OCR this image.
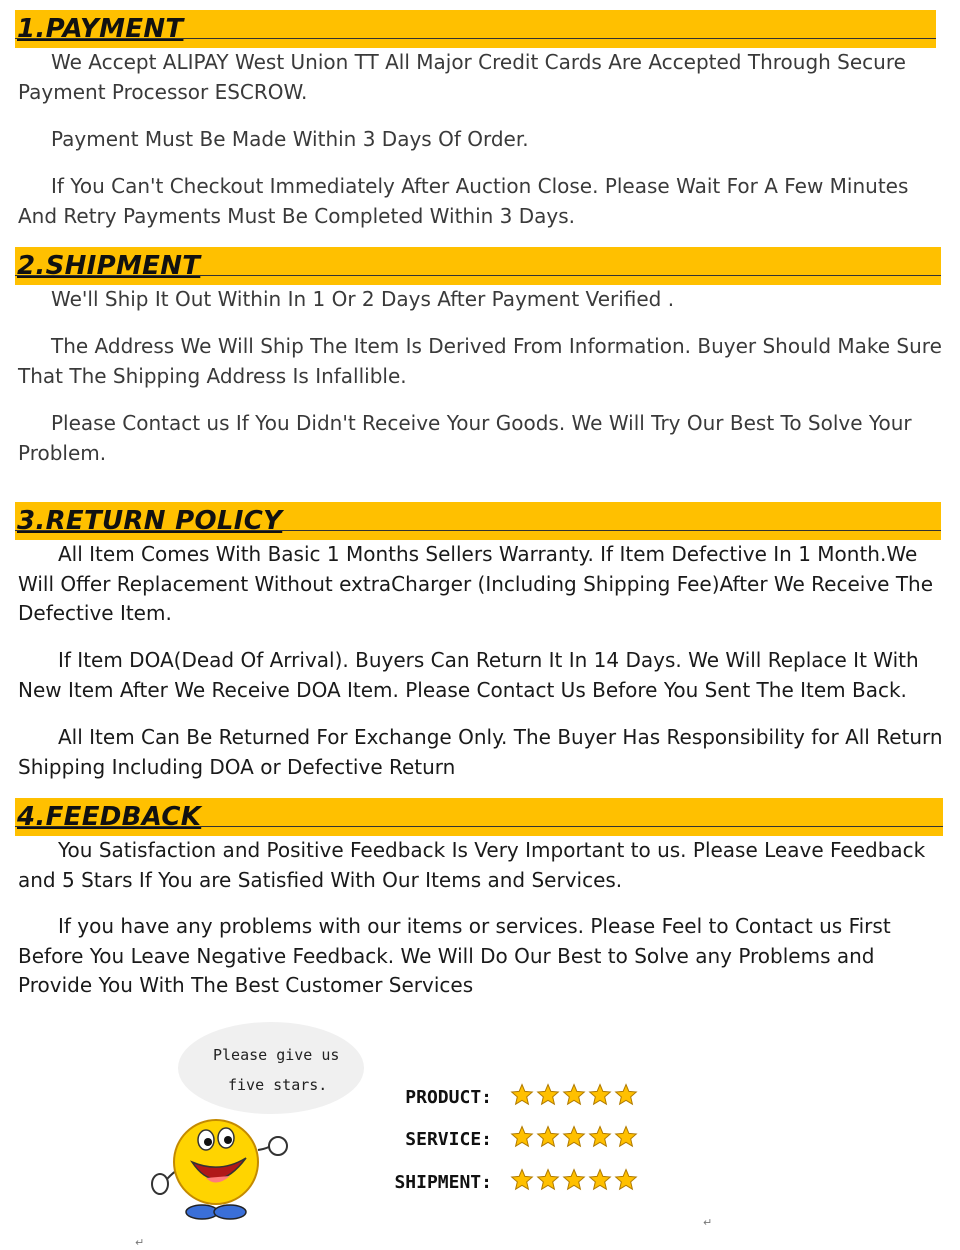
1.PAYMENT

We Accept ALIPAY West Union TT All Major Credit Cards Are Accepted Through Secure Payment Processor ESCROW.

Payment Must Be Made Within 3 Days Of Order.

If You Can't Checkout Immediately After Auction Close. Please Wait For A Few Minutes And Retry Payments Must Be Completed Within 3 Days.

2.SHIPMENT

We'll Ship It Out Within In 1 Or 2 Days After Payment Verified .

The Address We Will Ship The Item Is Derived From Information. Buyer Should Make Sure That The Shipping Address Is Infallible.

Please Contact us If You Didn't Receive Your Goods. We Will Try Our Best To Solve Your Problem.

3.RETURN POLICY

All Item Comes With Basic 1 Months Sellers Warranty. If Item Defective In 1 Month.We Will Offer Replacement Without extraCharger (Including Shipping Fee)After We Receive The Defective Item.

If Item DOA(Dead Of Arrival). Buyers Can Return It In 14 Days. We Will Replace It With New Item After We Receive DOA Item. Please Contact Us Before You Sent The Item Back.

All Item Can Be Returned For Exchange Only. The Buyer Has Responsibility for All Return Shipping Including DOA or Defective Return

4.FEEDBACK

You Satisfaction and Positive Feedback Is Very Important to us. Please Leave Feedback and 5 Stars If You are Satisfied With Our Items and Services.

If you have any problems with our items or services. Please Feel to Contact us First Before You Leave Negative Feedback. We Will Do Our Best to Solve any Problems and Provide You With The Best Customer Services

Please give us
five stars.
PRODUCT:
SERVICE:
SHIPMENT:
↵
↵
